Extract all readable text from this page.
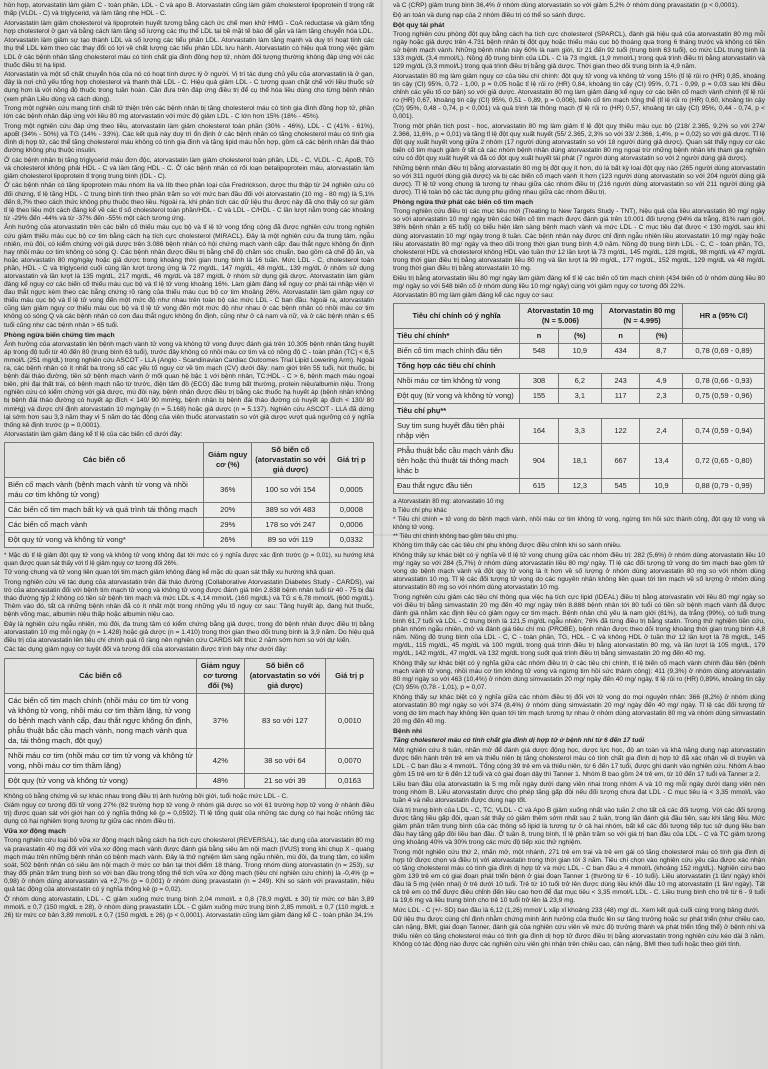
hỗn hợp, atorvastatin làm giảm C - toàn phần, LDL - C và apo B. Atorvastatin cũng làm giảm cholesterol lipoprotein tỉ trọng rất thấp (VLDL - C) và triglycerid, và làm tăng nhẹ HDL - C.

Atorvastatin làm giảm cholesterol và lipoprotein huyết tương bằng cách ức chế men khử HMG - CoA reductase và giảm tổng hợp cholesterol ở gan và bằng cách làm tăng số lượng các thụ thể LDL tại bề mặt tế bào để gắn và làm tăng chuyển hóa LDL.

Atorvastatin làm giảm sự tạo thành LDL và số lượng các tiểu phân LDL. Atorvastatin làm tăng mạnh và duy trì hoạt tính các thụ thể LDL kèm theo các thay đổi có lợi về chất lượng các tiểu phân LDL lưu hành. Atorvastatin có hiệu quả trong việc giảm LDL ở các bệnh nhân tăng cholesterol máu có tính chất gia đình đồng hợp tử, nhóm đối tượng thường không đáp ứng với các thuốc điều trị hạ lipid.

Atorvastatin và một số chất chuyển hóa của nó có hoạt tính dược lý ở người. Vị trí tác dụng chủ yếu của atorvastatin là ở gan, đây là nơi chủ yếu tổng hợp cholesterol và thanh thải LDL - C. Hiệu quả giảm LDL - C tương quan chặt chẽ với liều thuốc sử dụng hơn là với nồng độ thuốc trong tuần hoàn. Cần đưa trên đáp ứng điều trị để cụ thể hóa liều dùng cho từng bệnh nhân (xem phần Liều dùng và cách dùng).

Trong một nghiên cứu mang tính chất tử thiện trên các bệnh nhân bị tăng cholesterol máu có tính gia đình đồng hợp tử, phần lớn các bệnh nhân đáp ứng với liều 80 mg atorvastatin với mức độ giảm LDL - C lớn hơn 15% (18% - 45%).

Trong một nghiên cứu đáp ứng theo liều, atorvastatin làm giảm cholesterol toàn phần (30% - 46%), LDL - C (41% - 61%), apoB (34% - 50%) và TG (14% - 33%). Các kết quả này duy trì ổn định ở các bệnh nhân có tăng cholesterol máu có tính gia đình dị hợp tử, các thể tăng cholesterol máu không có tính gia đình và tăng lipid máu hỗn hợp, gồm cả các bệnh nhân đái tháo đường không phụ thuộc insulin.

Ở các bệnh nhân bị tăng triglycerid máu đơn độc, atorvastatin làm giảm cholesterol toàn phần, LDL - C, VLDL - C, ApoB, TG và cholesterol không phải HDL - C và làm tăng HDL - C. Ở các bệnh nhân có rối loạn betalipoprotein máu, atorvastatin làm giảm cholesterol lipoprotein tỉ trọng trung bình (IDL - C).

Ở các bệnh nhân có tăng lipoprotein máu nhóm IIa và IIb theo phân loại của Fredrickson, dược thu thập từ 24 nghiên cứu có đối chứng, tỉ lệ tăng HDL - C trung bình tính theo phần trăm so với mức ban đầu đối với atorvastatin (10 mg - 80 mg) là 5,1% đến 8,7% theo cách thức không phụ thuộc theo liều. Ngoài ra, khi phân tích các dữ liệu thu được này đã cho thấy có sự giảm tỉ lệ theo liều một cách đáng kể về các tỉ số cholesterol toàn phần/HDL - C và LDL - C/HDL - C lần lượt nằm trong các khoảng từ -29% đến -44% và từ -37% đến -55% một cách tương ứng.

Ảnh hưởng của atorvastatin trên các biến cố thiếu máu cục bộ và tỉ lệ tử vong tổng cộng đã được nghiên cứu trong nghiên cứu giảm thiếu máu cục bộ cơ tim bằng cách hạ tích cực cholesterol (MIRACL). Đây là một nghiên cứu đa trung tâm, ngẫu nhiên, mù đôi, có kiểm chứng với giả dược trên 3.086 bệnh nhân có hội chứng mạch vành cấp: đau thắt ngực không ổn định hay nhồi máu cơ tim không có sóng Q. Các bệnh nhân được điều trị bằng chế độ chăm sóc chuẩn, bao gồm cả chế độ ăn, và hoặc atorvastatin 80 mg/ngày hoặc giả dược trong khoảng thời gian trung bình là 16 tuần. Mức LDL - C, cholesterol toàn phần, HDL - C và triglycerid cuối cùng lần lượt tương ứng là 72 mg/dL, 147 mg/dL, 48 mg/dL, 139 mg/dL ở nhóm sử dụng atorvastatin và lần lượt là 135 mg/dL, 217 mg/dL, 46 mg/dL và 187 mg/dL ở nhóm sử dụng giả dược. Atorvastatin làm giảm đáng kể nguy cơ các biến cố thiếu máu cục bộ và tỉ lệ tử vong khoảng 16%. Làm giảm đáng kể nguy cơ phải tái nhập viện vì đau thắt ngực kèm theo các bằng chứng rõ ràng của thiếu máu cục bộ cơ tim khoảng 26%. Atorvastatin làm giảm nguy cơ thiếu máu cục bộ và tỉ lệ tử vong đến một mức độ như nhau trên toàn bộ các mức LDL - C ban đầu. Ngoài ra, atorvastatin cũng làm giảm nguy cơ thiếu máu cục bộ và tỉ lệ tử vong đến một mức độ như nhau ở các bệnh nhân có nhồi máu cơ tim không có sóng Q và các bệnh nhân có cơn đau thắt ngực không ổn định, cũng như ở cả nam và nữ, và ở các bệnh nhân ≤ 65 tuổi cũng như các bệnh nhân > 65 tuổi.

Phòng ngừa biến chứng tim mạch

Ảnh hưởng của atorvastatin lên bệnh mạch vành tử vong và không tử vong được đánh giá trên 10.305 bệnh nhân tăng huyết áp trong độ tuổi từ 40 đến 80 (trung bình 63 tuổi), trước đây không có nhồi máu cơ tim và có nồng độ C - toàn phần (TC) < 6,5 mmol/L (251 mg/dL) trong nghiên cứu ASCOT - LLA (Anglo - Scandinavian Cardiac Outcomes Trial Lipid Lowering Arm). Ngoài ra, các bệnh nhân có ít nhất ba trong số các yếu tố nguy cơ về tim mạch (CV) dưới đây: nam giới trên 55 tuổi, hút thuốc, bị bệnh đái tháo đường, tiền sử bệnh mạch vành ở mối quan hệ bậc 1 với bệnh nhân, TC:HDL - C > 6, bệnh mạch máu ngoại biên, phì đại thất trái, có bệnh mạch não từ trước, điện tâm đồ (ECG) đặc trưng bất thường, protein niệu/albumin niệu. Trong nghiên cứu có kiểm chứng với giả dược, mù đôi này, bệnh nhân được điều trị bằng các thuốc hạ huyết áp (bệnh nhân không bị bệnh đái tháo đường có huyết áp đích < 140/ 90 mmHg, bệnh nhân bị bệnh đái tháo đường có huyết áp đích < 130/ 80 mmHg) và được chỉ định atorvastatin 10 mg/ngày (n = 5.168) hoặc giả dược (n = 5.137). Nghiên cứu ASCOT - LLA đã dừng lại sớm hơn sau 3,3 năm thay vì 5 năm do tác động của viên thuốc atorvastatin so với giả dược vượt quá ngưỡng có ý nghĩa thống kê định trước (p = 0,0001).

Atorvastatin làm giảm đáng kể tỉ lệ của các biến cố dưới đây:

Các biến cố	Giảm nguy cơ (%)	Số biến cố (atorvastatin so với giả dược)	Giá trị p
Biến cố mạch vành (bệnh mạch vành tử vong và nhồi máu cơ tim không tử vong)	36%	100 so với 154	0,0005
Các biến cố tim mạch bất kỳ và quá trình tái thông mạch	20%	389 so với 483	0,0008
Các biến cố mạch vành	29%	178 so với 247	0,0006
Đột quỵ tử vong và không tử vong*	26%	89 so với 119	0,0332

* Mặc dù tỉ lệ giảm đột quỵ tử vong và không tử vong không đạt tới mức có ý nghĩa được xác định trước (p = 0,01), xu hướng khả quan được quan sát thấy với tỉ lệ giảm nguy cơ tương đối 26%.

Tử vong chung và tử vong liên quan tới tim mạch giảm không đáng kể mặc dù quan sát thấy xu hướng khả quan.

Trong nghiên cứu về tác dụng của atorvastatin trên đái tháo đường (Collaborative Atorvastatin Diabetes Study - CARDS), vai trò của atorvastatin đối với bệnh tim mạch tử vong và không tử vong được đánh giá trên 2.838 bệnh nhân tuổi từ 40 - 75 bị đái tháo đường týp 2 không có tiền sử bệnh tim mạch và mức LDL ≤ 4,14 mmol/L (160 mg/dL) và TG ≤ 6,78 mmol/L (600 mg/dL). Thêm vào đó, tất cả những bệnh nhân đã có ít nhất một trong những yếu tố nguy cơ sau: Tăng huyết áp, đang hút thuốc, bệnh võng mạc, albumin niệu thấp hoặc albumin niệu cao.

Đây là nghiên cứu ngẫu nhiên, mù đôi, đa trung tâm có kiểm chứng bằng giả dược, trong đó bệnh nhân được điều trị bằng atorvastatin 10 mg mỗi ngày (n = 1.428) hoặc giả dược (n = 1.410) trong thời gian theo dõi trung bình là 3,9 năm. Do hiệu quả điều trị của atorvastatin lên tiêu chí chính quá rõ ràng nên nghiên cứu CARDS kết thúc 2 năm sớm hơn so với dự kiến.

Các tác dụng giảm nguy cơ tuyệt đối và tương đối của atorvastatin được trình bày như dưới đây:

Các biến cố	Giảm nguy cơ tương đối (%)	Số biến cố (atorvastatin so với giả dược)	Giá trị p
Các biến cố tim mạch chính (nhồi máu cơ tim tử vong và không tử vong, nhồi máu cơ tim thầm lặng, tử vong do bệnh mạch vành cấp, đau thắt ngực không ổn định, phẫu thuật bắc cầu mạch vành, nong mạch vành qua da, tái thông mạch, đột quỵ)	37%	83 so với 127	0,0010
Nhồi máu cơ tim (nhồi máu cơ tim tử vong và không tử vong, nhồi máu cơ tim thầm lặng)	42%	38 so với 64	0,0070
Đột quỵ (tử vong và không tử vong)	48%	21 so với 39	0,0163

Không có bằng chứng về sự khác nhau trong điều trị ảnh hưởng bởi giới, tuổi hoặc mức LDL - C.

Giảm nguy cơ tương đối tử vong 27% (82 trường hợp tử vong ở nhóm giả dược so với 61 trường hợp tử vong ở nhánh điều trị) được quan sát với giới hạn có ý nghĩa thống kê (p = 0,0592). Tỉ lệ tổng quát của những tác dụng có hại hoặc những tác dụng có hại nghiêm trọng tương tự giữa các nhóm điều trị.

Vữa xơ động mạch

Trong nghiên cứu loại bỏ vữa xơ động mạch bằng cách hạ tích cực cholesterol (REVERSAL), tác dụng của atorvastatin 80 mg và pravastatin 40 mg đối với vữa xơ động mạch vành được đánh giá bằng siêu âm nội mạch (IVUS) trong khi chụp X - quang mạch máu trên những bệnh nhân có bệnh mạch vành. Đây là thử nghiệm lâm sàng ngẫu nhiên, mù đôi, đa trung tâm, có kiểm soát, 502 bệnh nhân có siêu âm nội mạch ở mức cơ bản tại thời điểm 18 tháng. Trong nhóm dùng atorvastatin (n = 253), sự thay đổi phần trăm trung bình so với ban đầu trong tổng thể tích vữa xơ động mạch (tiêu chí nghiên cứu chính) là -0,4% (p = 0,98) ở nhóm dùng atorvastatin và +2,7% (p = 0,001) ở nhóm dùng pravastatin (n = 249). Khi so sánh với pravastatin, hiệu quả tác động của atorvastatin có ý nghĩa thống kê (p = 0,02).

Ở nhóm dùng atorvastatin, LDL - C giảm xuống mức trung bình 2,04 mmol/L ± 0,8 (78,9 mg/dL ± 30) từ mức cơ bản 3,89 mmol/L ± 0,7 (150 mg/dL ± 28), ở nhóm dùng pravastatin LDL - C giảm xuống mức trung bình 2,85 mmol/L ± 0,7 (110 mg/dL ± 26) từ mức cơ bản 3,89 mmol/L ± 0,7 (150 mg/dL ± 26) (p < 0,0001). Atorvastatin cũng làm giảm đáng kể C - toàn phần 34,1%

và C (CRP) giảm trung bình 36,4% ở nhóm dùng atorvastatin so với giảm 5,2% ở nhóm dùng pravastatin (p < 0,0001).

Độ an toàn và dung nạp của 2 nhóm điều trị có thể so sánh được.

Đột quỵ tái phát

Trong nghiên cứu phòng đột quỵ bằng cách hạ tích cực cholesterol (SPARCL), đánh giá hiệu quả của atorvastatin 80 mg mỗi ngày hoặc giả dược trên 4.731 bệnh nhân bị đột quỵ hoặc thiếu máu cục bộ thoáng qua trong 6 tháng trước và không có tiền sử bệnh mạch vành. Những bệnh nhân này 60% là nam giới, từ 21 đến 92 tuổi (trung bình 63 tuổi), có mức LDL trung bình là 133 mg/dL (3,4 mmol/L). Nồng độ trung bình của LDL - C là 73 mg/dL (1,9 mmol/L) trong quá trình điều trị bằng atorvastatin và 129 mg/dL (3,3 mmol/L) trong quá trình điều trị bằng giả dược. Thời gian theo dõi trung bình là 4,9 năm.

Atorvastatin 80 mg làm giảm nguy cơ của tiêu chí chính: đột quỵ tử vong và không tử vong 15% (tỉ lệ rủi ro (HR) 0,85, khoảng tin cậy (CI) 95%, 0,72 - 1,00, p = 0,05 hoặc tỉ lệ rủi ro (HR) 0,84, khoảng tin cậy (CI) 95%, 0,71 - 0,99, p = 0,03 sau khi điều chỉnh các yếu tố cơ bản) so với giả dược. Atorvastatin 80 mg làm giảm đáng kể nguy cơ các biến cố mạch vành chính (tỉ lệ rủi ro (HR) 0,67, khoảng tin cậy (CI) 95%, 0,51 - 0,89, p = 0,006), biến cố tim mạch tổng thể (tỉ lệ rủi ro (HR) 0,60, khoảng tin cậy (CI) 95%, 0,48 - 0,74, p < 0,001) và quá trình tái thông mạch (tỉ lệ rủi ro (HR) 0,57, khoảng tin cậy (CI) 95%, 0,44 - 0,74, p < 0,001).

Trong một phân tích post - hoc, atorvastatin 80 mg làm giảm tỉ lệ đột quỵ thiếu máu cục bộ (218/ 2.365, 9,2% so với 274/ 2.366, 11,6%, p = 0,01) và tăng tỉ lệ đột quỵ xuất huyết (55/ 2.365, 2,3% so với 33/ 2.366, 1,4%, p = 0,02) so với giả dược. Tỉ lệ đột quỵ xuất huyết vong giữa 2 nhóm (17 người dùng atorvastatin so với 18 người dùng giả dược). Quan sát thấy nguy cơ các biến cố tim mạch giảm ở tất cả các nhóm bệnh nhân dùng atorvastatin 80 mg ngoại trừ những bệnh nhân khi tham gia nghiên cứu có đột quỵ xuất huyết và đã có đột quỵ xuất huyết tái phát (7 người dùng atorvastatin so với 2 người dùng giả dược).

Những bệnh nhân điều trị bằng atorvastatin 80 mg bị đột quỵ ít hơn, dù là bất kỳ loại đột quỵ nào (265 người dùng atorvastatin so với 311 người dùng giả dược) và bị các biến cố mạch vành ít hơn (123 người dùng atorvastatin so với 204 người dùng giả dược). Tỉ lệ tử vong chung là tương tự nhau giữa các nhóm điều trị (216 người dùng atorvastatin so với 211 người dùng giả dược). Tỉ lệ toàn bộ các tác dụng phụ giống nhau giữa các nhóm điều trị.

Phòng ngừa thứ phát các biến cố tim mạch

Trong nghiên cứu điều trị các mục tiêu mới (Treating to New Targets Study - TNT), hiệu quả của liều atorvastatin 80 mg/ ngày so với atorvastatin 10 mg/ ngày trên các biến cố tim mạch được đánh giá trên 10.001 đối tượng (94% da trắng, 81% nam giới, 38% bệnh nhân ≥ 65 tuổi) có biểu hiện lâm sàng bệnh mạch vành và mức LDL - C mục tiêu đạt được < 130 mg/dL sau khi dùng atorvastatin 10 mg/ ngày trong 8 tuần. Các bệnh nhân này được chỉ định ngẫu nhiên liều atorvastatin 10 mg/ ngày hoặc liều atorvastatin 80 mg/ ngày và theo dõi trong thời gian trung bình 4,9 năm. Nồng độ trung bình LDL - C, C - toàn phần, TG, cholesterol HDL và cholesterol không HDL vào tuần thứ 12 lần lượt là 73 mg/dL, 145 mg/dL, 128 mg/dL, 98 mg/dL và 47 mg/dL trong thời gian điều trị bằng atorvastatin liều 80 mg và lần lượt là 99 mg/dL, 177 mg/dL, 152 mg/dL, 129 mg/dL và 48 mg/dL trong thời gian điều trị bằng atorvastatin 10 mg.

Điều trị bằng atorvastatin liều 80 mg/ ngày làm giảm đáng kể tỉ lệ các biến cố tim mạch chính (434 biến cố ở nhóm dùng liều 80 mg/ ngày so với 548 biến cố ở nhóm dùng liều 10 mg/ ngày) cùng với giảm nguy cơ tương đối 22%.

Atorvastatin 80 mg làm giảm đáng kể các nguy cơ sau:

Tiêu chí chính có ý nghĩa	Atorvastatin 10 mg (N = 5.006)		Atorvastatin 80 mg (N = 4.995)		HR a (95% CI)
Tiêu chí chính*	n	(%)	n	(%)	
Biến cố tim mạch chính đầu tiên	548	10,9	434	8,7	0,78 (0,69 - 0,89)
Tổng hợp các tiêu chí chính					
Nhồi máu cơ tim không tử vong	308	6,2	243	4,9	0,78 (0,66 - 0,93)
Đột quỵ (tử vong và không tử vong)	155	3,1	117	2,3	0,75 (0,59 - 0,96)
Tiêu chí phụ**					
Suy tim sung huyết đầu tiên phải nhập viện	164	3,3	122	2,4	0,74 (0,59 - 0,94)
Phẫu thuật bắc cầu mạch vành đầu tiên hoặc thủ thuật tái thông mạch khác b	904	18,1	667	13,4	0,72 (0,65 - 0,80)
Đau thắt ngực đầu tiên	615	12,3	545	10,9	0,88 (0,79 - 0,99)

a Atorvastatin 80 mg: atorvastatin 10 mg

b Tiêu chí phụ khác

* Tiêu chí chính = tử vong do bệnh mạch vành, nhồi máu cơ tim không tử vong, ngừng tim hồi sức thành công, đột quỵ tử vong và không tử vong.

** Tiêu chí chính không bao gồm tiêu chí phụ.

Không tìm thấy các các tiêu chí phụ không được điều chỉnh khi so sánh nhiều.

Không thấy sự khác biệt có ý nghĩa về tỉ lệ tử vong chung giữa các nhóm điều trị: 282 (5,6%) ở nhóm dùng atorvastatin liều 10 mg/ ngày so với 284 (5,7%) ở nhóm dùng atorvastatin liều 80 mg/ ngày. Tỉ lệ các đối tượng tử vong do tim mạch bao gồm tử vong do bệnh mạch vành và đột quỵ tử vong là ít hơn về số lượng ở nhóm dùng atorvastatin 80 mg so với nhóm dùng atorvastatin 10 mg. Tỉ lệ các đối tượng tử vong do các nguyên nhân không liên quan tới tim mạch về số lượng ở nhóm dùng atorvastatin 80 mg so với nhóm dùng atorvastatin 10 mg.

Trong nghiên cứu giảm các tiêu chí thông qua việc hạ tích cực lipid (IDEAL) điều trị bằng atorvastatin với liều 80 mg/ ngày so với điều trị bằng simvastatin 20 mg đến 40 mg/ ngày trên 8.888 bệnh nhân tới 80 tuổi có tiền sử bệnh mạch vành đã được đánh giá nhằm xác định liệu có giảm nguy cơ tim mạch. Bệnh nhân chủ yếu là nam giới (81%), da trắng (99%), có tuổi trung bình 61,7 tuổi và LDL - C trung bình là 121,5 mg/dL ngẫu nhiên; 76% đã từng điều trị bằng statin. Trong thử nghiệm tiền cứu, phân nhóm ngẫu nhiên, mở và đánh giá tiêu chí mù (PROBE), bệnh nhân được theo dõi trong khoảng thời gian trung bình 4,8 năm. Nồng độ trung bình của LDL - C, C - toàn phần, TG, HDL - C và không HDL ở tuần thứ 12 lần lượt là 78 mg/dL, 145 mg/dL, 115 mg/dL, 45 mg/dL và 100 mg/dL trong quá trình điều trị bằng atorvastatin 80 mg, và lần lượt là 105 mg/dL, 179 mg/dL, 142 mg/dL, 47 mg/dL và 132 mg/dL trong suốt quá trình điều trị bằng simvastatin 20 mg đến 40 mg.

Không thấy sự khác biệt có ý nghĩa giữa các nhóm điều trị ở các tiêu chí chính, tỉ lệ biến cố mạch vành chính đầu tiên (bệnh mạch vành tử vong, nhồi máu cơ tim không tử vong và ngừng tim hồi sức thành công): 411 (9,3%) ở nhóm dùng atorvastatin 80 mg/ ngày so với 463 (10,4%) ở nhóm dùng simvastatin 20 mg/ ngày đến 40 mg/ ngày, tỉ lệ rủi ro (HR) 0,89%, khoảng tin cậy (CI) 95% (0,78 - 1,01), p = 0,07.

Không thấy sự khác biệt có ý nghĩa giữa các nhóm điều trị đối với tử vong do mọi nguyên nhân: 366 (8,2%) ở nhóm dùng atorvastatin 80 mg/ ngày so với 374 (8,4%) ở nhóm dùng simvastatin 20 mg/ ngày đến 40 mg/ ngày. Tỉ lệ các đối tượng tử vong do tim mạch hay không liên quan tới tim mạch tương tự nhau ở nhóm dùng atorvastatin 80 mg và nhóm dùng simvastatin 20 mg đến 40 mg.

Bệnh nhi

Tăng cholesterol máu có tính chất gia đình dị hợp tử ở bệnh nhi từ 6 đến 17 tuổi

Một nghiên cứu 8 tuần, nhãn mở để đánh giá dược động học, dược lực học, độ an toàn và khả năng dung nạp atorvastatin được tiến hành trên trẻ em và thiếu niên bị tăng cholesterol máu có tính chất gia đình dị hợp tử đã xác nhận về di truyền và LDL - C ban đầu ≥ 4 mmol/L. Tổng cộng 39 trẻ em và thiếu niên, từ 6 đến 17 tuổi, được ghi danh vào nghiên cứu. Nhóm A bao gồm 15 trẻ em từ 6 đến 12 tuổi và có giai đoạn dậy thì Tanner 1. Nhóm B bao gồm 24 trẻ em, từ 10 đến 17 tuổi và Tanner ≥ 2.

Liều ban đầu của atorvastatin là 5 mg mỗi ngày dưới dạng viên nhai trong nhóm A và 10 mg mỗi ngày dưới dạng viên nén trong nhóm B. Liều atorvastatin được cho phép tăng gấp đôi nếu đối tượng chưa đạt LDL - C mục tiêu là < 3,35 mmol/L vào tuần 4 và nếu atorvastatin được dung nạp tốt.

Giá trị trung bình của LDL - C, TC, VLDL - C và Apo B giảm xuống nhất vào tuần 2 cho tất cả các đối tượng. Với các đối tượng được tăng liều gấp đôi, quan sát thấy có giảm thêm sớm nhất sau 2 tuần, trong lần đánh giá đầu tiên, sau khi tăng liều. Mức giảm phần trăm trung bình của các thông số lipid là tương tự ở cả hai nhóm, bất kể các đối tượng tiếp tục sử dụng liều ban đầu hay tăng gấp đôi liều ban đầu. Ở tuần 8, trung bình, tỉ lệ phần trăm so với giá trị ban đầu của LDL - C và TC giảm tương ứng khoảng 40% và 30% trong các mức độ tiếp xúc thử nghiệm.

Trong một nghiên cứu thứ 2, nhãn mở, một nhánh, 271 trẻ em trai và trẻ em gái có tăng cholesterol máu có tính gia đình dị hợp tử được chọn và điều trị với atorvastatin trong thời gian tới 3 năm. Tiêu chí chọn vào nghiên cứu yêu cầu được xác nhận có tăng cholesterol máu có tính gia đình dị hợp tử và mức LDL - C ban đầu ≥ 4 mmol/L (khoảng 152 mg/dL). Nghiên cứu bao gồm 139 trẻ em có giai đoạn phát triển bệnh ở giai đoạn Tanner 1 (thường từ 6 - 10 tuổi). Liều atorvastatin (1 lần/ ngày) khởi đầu là 5 mg (viên nhai) ở trẻ dưới 10 tuổi. Trẻ từ 10 tuổi trở lên được dùng liều khởi đầu 10 mg atorvastatin (1 lần/ ngày). Tất cả trẻ em có thể được điều chỉnh đến liều cao hơn để đạt mục tiêu < 3,35 mmol/L LDL - C. Liều trung bình cho trẻ từ 6 - 9 tuổi là 19,6 mg và liều trung bình cho trẻ 10 tuổi trở lên là 23,9 mg.

Mức LDL - C (+/- SD) ban đầu là 6,12 (1,26) mmol/ L xấp xỉ khoảng 233 (48) mg/ dL. Xem kết quả cuối cùng trong bảng dưới.

Dữ liệu thu được cùng chỉ định nhằm chứng minh ảnh hưởng của thuốc lên sự tăng trưởng hoặc sự phát triển (như chiều cao, cân nặng, BMI, giai đoạn Tanner, đánh giá của nghiên cứu viên về mức độ trưởng thành và phát triển tổng thể) ở bệnh nhi và thiếu niên có tăng cholesterol máu có tính gia đình dị hợp tử được điều trị bằng atorvastatin trong nghiên cứu kéo dài 3 năm. Không có tác động nào được các nghiên cứu viên ghi nhận trên chiều cao, cân nặng, BMI theo tuổi hoặc theo giới tính.
